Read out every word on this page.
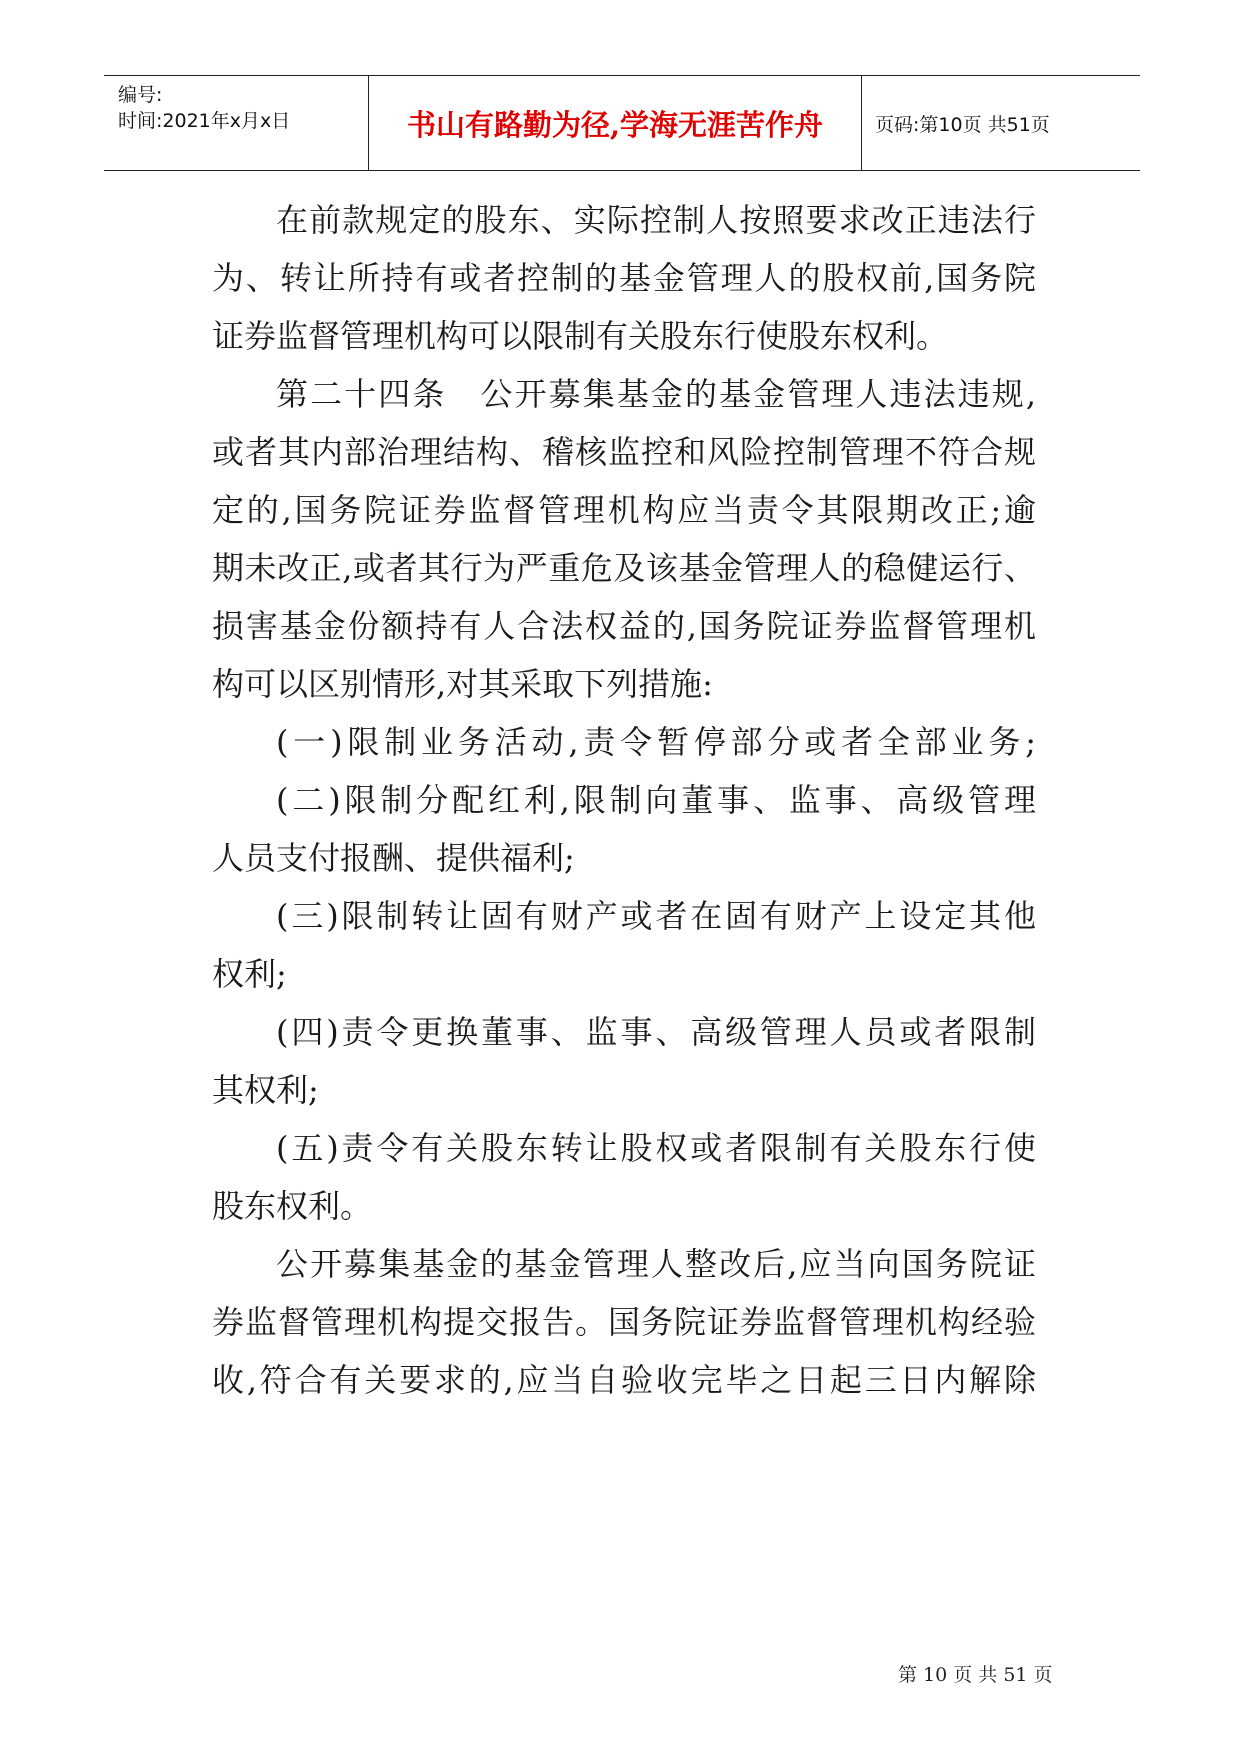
编号:
时间:2021年x月x日	书山有路勤为径,学海无涯苦作舟	页码:第10页 共51页
在前款规定的股东、实际控制人按照要求改正违法行
为、转让所持有或者控制的基金管理人的股权前,国务院
证券监督管理机构可以限制有关股东行使股东权利。
第二十四条　公开募集基金的基金管理人违法违规,
或者其内部治理结构、稽核监控和风险控制管理不符合规
定的,国务院证券监督管理机构应当责令其限期改正;逾
期未改正,或者其行为严重危及该基金管理人的稳健运行、
损害基金份额持有人合法权益的,国务院证券监督管理机
构可以区别情形,对其采取下列措施:
(一)限制业务活动,责令暂停部分或者全部业务;
(二)限制分配红利,限制向董事、监事、高级管理
人员支付报酬、提供福利;
(三)限制转让固有财产或者在固有财产上设定其他
权利;
(四)责令更换董事、监事、高级管理人员或者限制
其权利;
(五)责令有关股东转让股权或者限制有关股东行使
股东权利。
公开募集基金的基金管理人整改后,应当向国务院证
券监督管理机构提交报告。国务院证券监督管理机构经验
收,符合有关要求的,应当自验收完毕之日起三日内解除
第 10 页 共 51 页
